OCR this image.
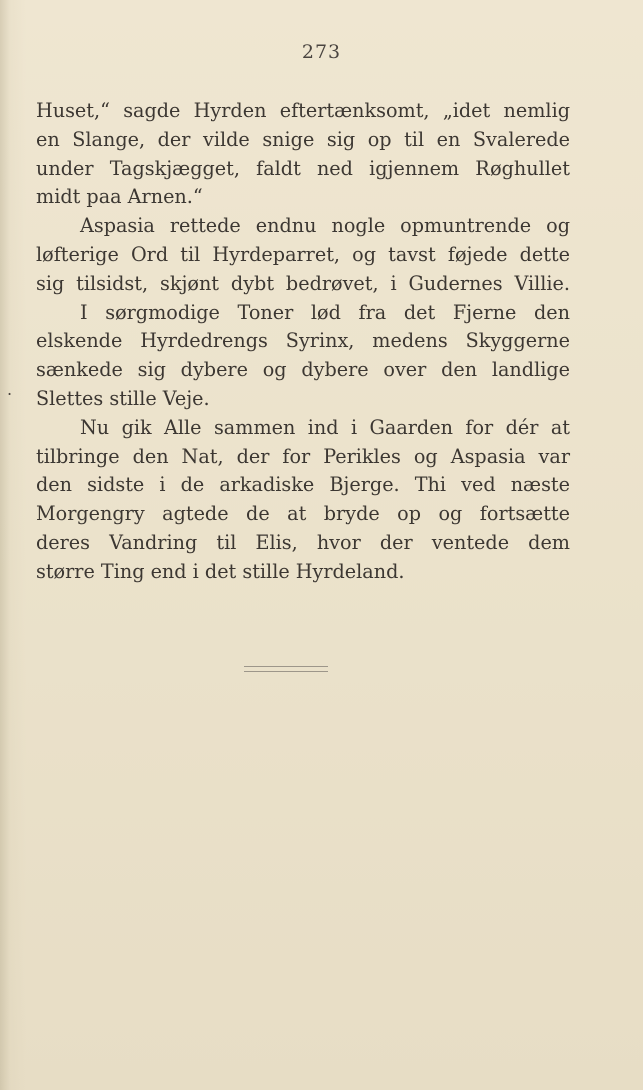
273
.
Huset,“ sagde Hyrden eftertænksomt, „idet nemlig
en Slange, der vilde snige sig op til en Svalerede
under Tagskjægget, faldt ned igjennem Røghullet
midt paa Arnen.“
Aspasia rettede endnu nogle opmuntrende og
løfterige Ord til Hyrdeparret, og tavst føjede dette
sig tilsidst, skjønt dybt bedrøvet, i Gudernes Villie.
I sørgmodige Toner lød fra det Fjerne den
elskende Hyrdedrengs Syrinx, medens Skyggerne
sænkede sig dybere og dybere over den landlige
Slettes stille Veje.
Nu gik Alle sammen ind i Gaarden for dér at
tilbringe den Nat, der for Perikles og Aspasia var
den sidste i de arkadiske Bjerge. Thi ved næste
Morgengry agtede de at bryde op og fortsætte
deres Vandring til Elis, hvor der ventede dem
større Ting end i det stille Hyrdeland.
